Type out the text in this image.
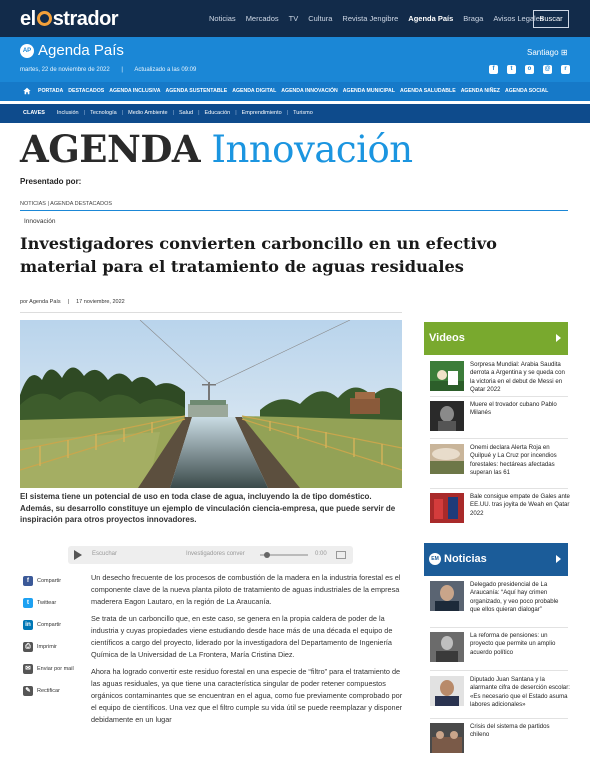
el strador	Noticias Mercados TV Cultura Revista Jengibre Agenda País Braga Avisos Legales
Buscar
AP Agenda País
martes, 22 de noviembre de 2022 | Actualizado a las 09:09
Santiago ⊞
f	t	o	@	r
PORTADA DESTACADOS AGENDA INCLUSIVA AGENDA SUSTENTABLE AGENDA DIGITAL AGENDA INNOVACIÓN AGENDA MUNICIPAL AGENDA SALUDABLE AGENDA NIÑEZ AGENDA SOCIAL
CLAVES Inclusión | Tecnología | Medio Ambiente | Salud | Educación | Emprendimiento | Turismo
AGENDA Innovación
Presentado por:
NOTICIAS | AGENDA DESTACADOS
Innovación
Investigadores convierten carboncillo en un efectivo material para el tratamiento de aguas residuales
por Agenda País | 17 noviembre, 2022
El sistema tiene un potencial de uso en toda clase de agua, incluyendo la de tipo doméstico. Además, su desarrollo constituye un ejemplo de vinculación ciencia-empresa, que puede servir de inspiración para otros proyectos innovadores.
Escuchar	Investigadores conver	0:00
f	Compartir
t	Twittear
in	Compartir
⎙	Imprimir
✉	Enviar por mail
✎	Rectificar

Un desecho frecuente de los procesos de combustión de la madera en la industria forestal es el componente clave de la nueva planta piloto de tratamiento de aguas industriales de la empresa maderera Eagon Lautaro, en la región de La Araucanía.

Se trata de un carboncillo que, en este caso, se genera en la propia caldera de poder de la industria y cuyas propiedades viene estudiando desde hace más de una década el equipo de científicos a cargo del proyecto, liderado por la investigadora del Departamento de Ingeniería Química de la Universidad de La Frontera, María Cristina Diez.

Ahora ha logrado convertir este residuo forestal en una especie de “filtro” para el tratamiento de las aguas residuales, ya que tiene una característica singular de poder retener compuestos orgánicos contaminantes que se encuentran en el agua, como fue previamente comprobado por el equipo de científicos. Una vez que el filtro cumple su vida útil se puede reemplazar y disponer debidamente en un lugar

Videos
Sorpresa Mundial: Arabia Saudita derrota a Argentina y se queda con la victoria en el debut de Messi en Qatar 2022
Muere el trovador cubano Pablo Milanés
Onemi declara Alerta Roja en Quilpué y La Cruz por incendios forestales: hectáreas afectadas superan las 61
Bale consigue empate de Gales ante EE.UU. tras joyita de Weah en Qatar 2022
EM Noticias
Delegado presidencial de La Araucanía: “Aquí hay crimen organizado, y veo poco probable que ellos quieran dialogar”
La reforma de pensiones: un proyecto que permite un amplio acuerdo político
Diputado Juan Santana y la alarmante cifra de deserción escolar: «Es necesario que el Estado asuma labores adicionales»
Crisis del sistema de partidos chileno
